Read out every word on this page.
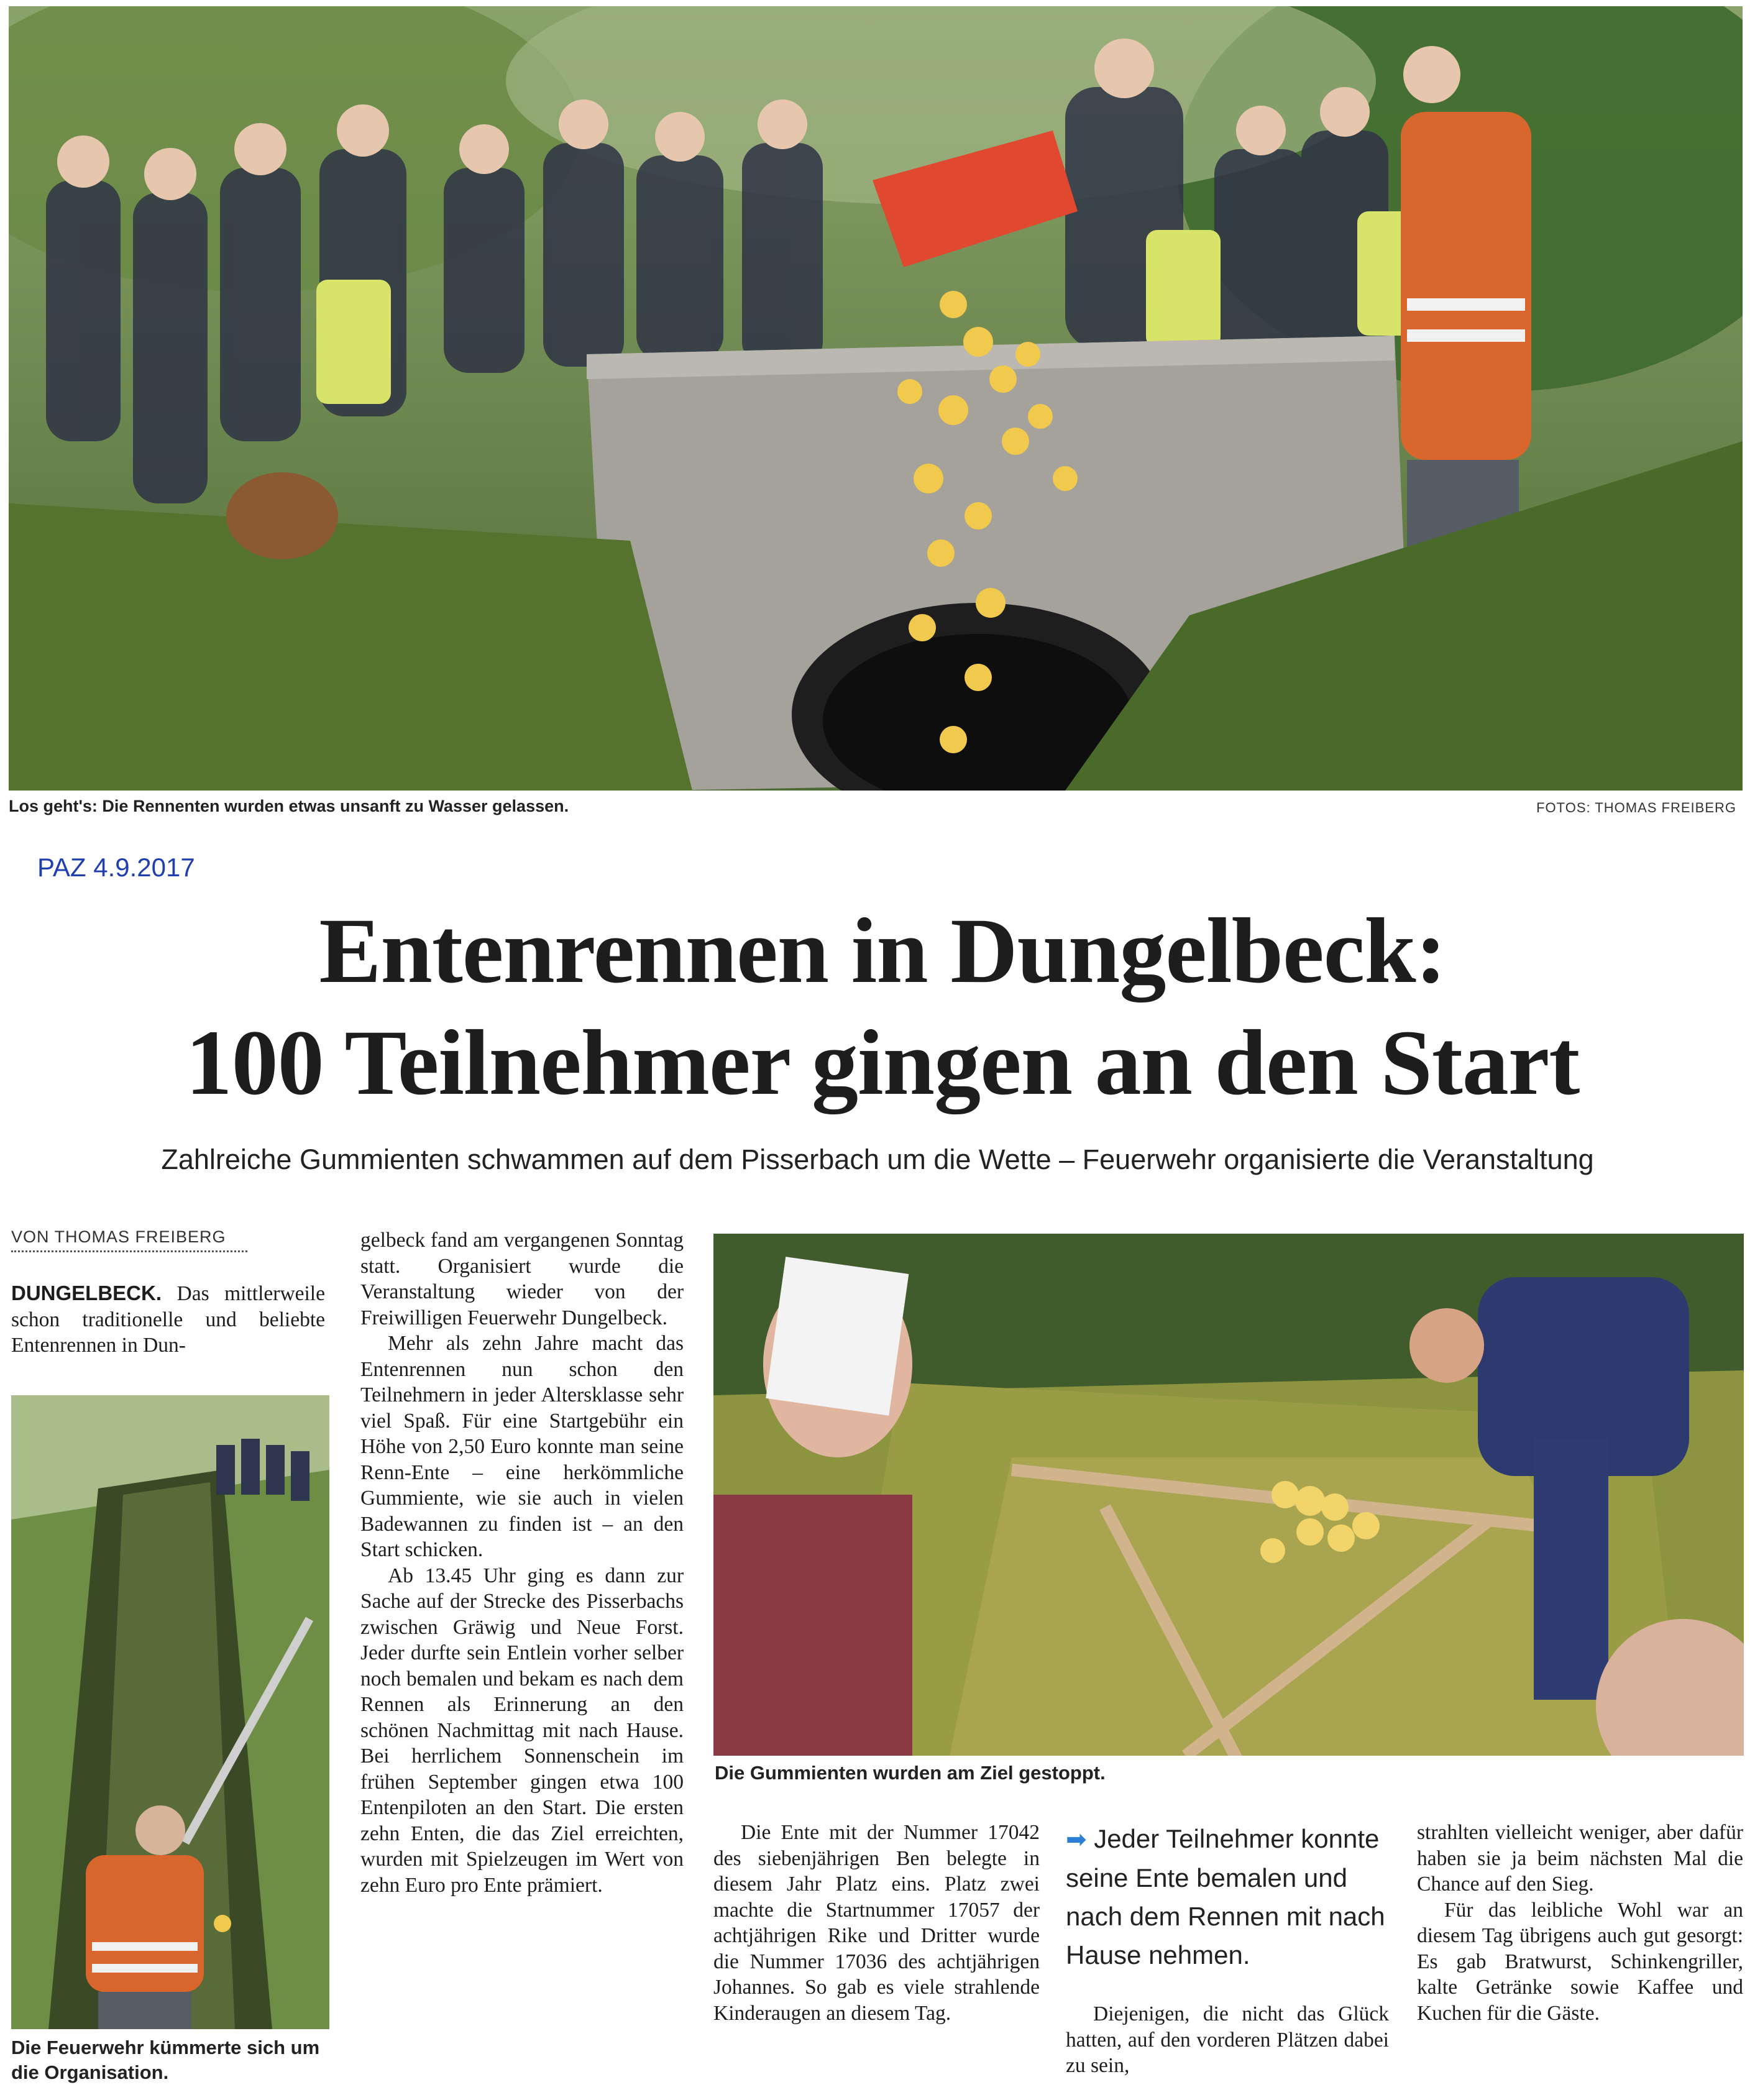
Los geht's: Die Rennenten wurden etwas unsanft zu Wasser gelassen.	FOTOS: THOMAS FREIBERG
PAZ 4.9.2017
Entenrennen in Dungelbeck:
100 Teilnehmer gingen an den Start
Zahlreiche Gummienten schwammen auf dem Pisserbach um die Wette – Feuerwehr organisierte die Veranstaltung
VON THOMAS FREIBERG

DUNGELBECK. Das mittlerweile schon traditionelle und beliebte Entenrennen in Dun-

Die Feuerwehr kümmerte sich um die Organisation.

gelbeck fand am vergangenen Sonntag statt. Organisiert wurde die Veranstaltung wieder von der Freiwilligen Feuerwehr Dungelbeck.

Mehr als zehn Jahre macht das Entenrennen nun schon den Teilnehmern in jeder Altersklasse sehr viel Spaß. Für eine Startgebühr ein Höhe von 2,50 Euro konnte man seine Renn-Ente – eine herkömmliche Gummiente, wie sie auch in vielen Badewannen zu finden ist – an den Start schicken.

Ab 13.45 Uhr ging es dann zur Sache auf der Strecke des Pisserbachs zwischen Gräwig und Neue Forst. Jeder durfte sein Entlein vorher selber noch bemalen und bekam es nach dem Rennen als Erinnerung an den schönen Nachmittag mit nach Hause. Bei herrlichem Sonnenschein im frühen September gingen etwa 100 Entenpiloten an den Start. Die ersten zehn Enten, die das Ziel erreichten, wurden mit Spielzeugen im Wert von zehn Euro pro Ente prämiert.

Die Gummienten wurden am Ziel gestoppt.

Die Ente mit der Nummer 17042 des siebenjährigen Ben belegte in diesem Jahr Platz eins. Platz zwei machte die Startnummer 17057 der achtjährigen Rike und Dritter wurde die Nummer 17036 des achtjährigen Johannes. So gab es viele strahlende Kinderaugen an diesem Tag.

➡ Jeder Teilnehmer konnte seine Ente bemalen und nach dem Rennen mit nach Hause nehmen.

Diejenigen, die nicht das Glück hatten, auf den vorderen Plätzen dabei zu sein,

strahlten vielleicht weniger, aber dafür haben sie ja beim nächsten Mal die Chance auf den Sieg.

Für das leibliche Wohl war an diesem Tag übrigens auch gut gesorgt: Es gab Bratwurst, Schinkengriller, kalte Getränke sowie Kaffee und Kuchen für die Gäste.
